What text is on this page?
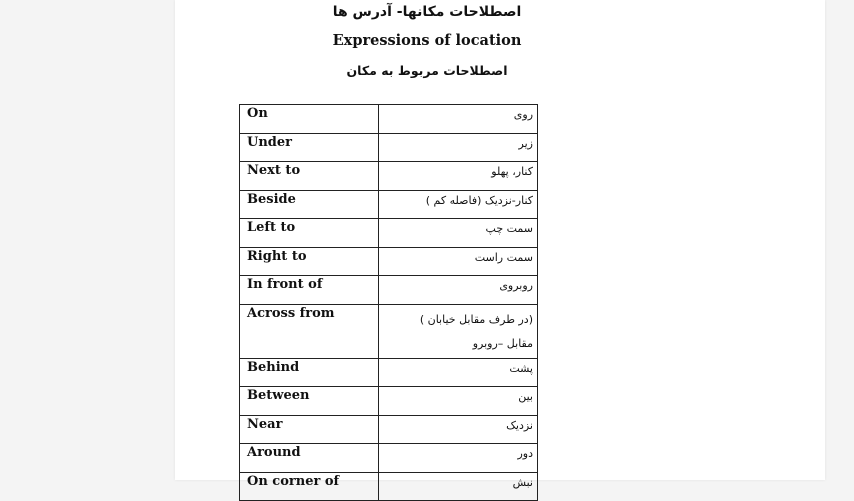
اصطلاحات مکانها- آدرس ها
Expressions of location
اصطلاحات مربوط به مکان
On	روی
Under	زیر
Next to	کنار، پهلو
Beside	کنار-نزدیک (فاصله کم )
Left to	سمت چپ
Right to	سمت راست
In front of	روبروی
Across from	(در طرف مقابل خیابان )
مقابل –روبرو

Behind	پشت
Between	بین
Near	نزدیک
Around	دور
On corner of	نبش
